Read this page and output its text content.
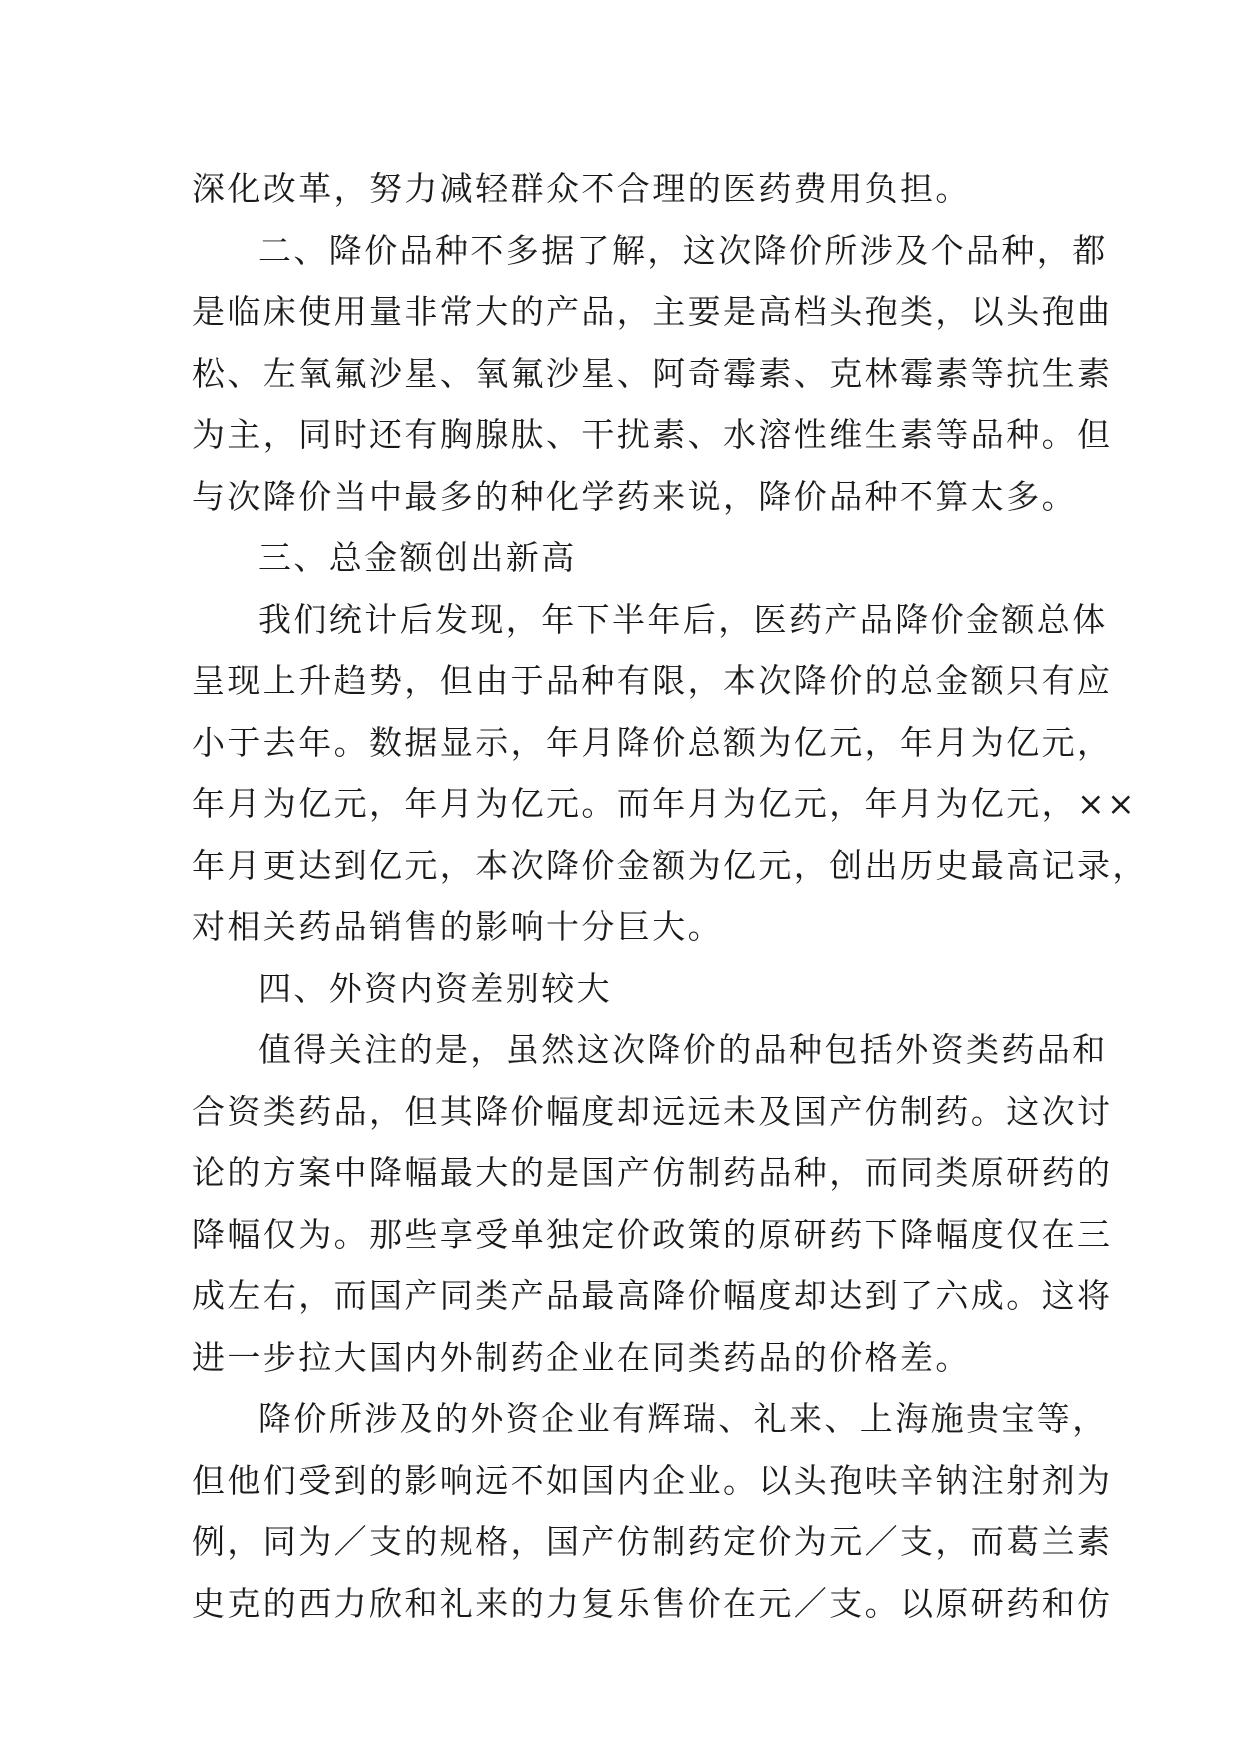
深化改革，努力减轻群众不合理的医药费用负担。
二、降价品种不多据了解，这次降价所涉及个品种，都
是临床使用量非常大的产品，主要是高档头孢类，以头孢曲
松、左氧氟沙星、氧氟沙星、阿奇霉素、克林霉素等抗生素
为主，同时还有胸腺肽、干扰素、水溶性维生素等品种。但
与次降价当中最多的种化学药来说，降价品种不算太多。
三、总金额创出新高
我们统计后发现，年下半年后，医药产品降价金额总体
呈现上升趋势，但由于品种有限，本次降价的总金额只有应
小于去年。数据显示，年月降价总额为亿元，年月为亿元，
年月为亿元，年月为亿元。而年月为亿元，年月为亿元，××
年月更达到亿元，本次降价金额为亿元，创出历史最高记录，
对相关药品销售的影响十分巨大。
四、外资内资差别较大
值得关注的是，虽然这次降价的品种包括外资类药品和
合资类药品，但其降价幅度却远远未及国产仿制药。这次讨
论的方案中降幅最大的是国产仿制药品种，而同类原研药的
降幅仅为。那些享受单独定价政策的原研药下降幅度仅在三
成左右，而国产同类产品最高降价幅度却达到了六成。这将
进一步拉大国内外制药企业在同类药品的价格差。
降价所涉及的外资企业有辉瑞、礼来、上海施贵宝等，
但他们受到的影响远不如国内企业。以头孢呋辛钠注射剂为
例，同为／支的规格，国产仿制药定价为元／支，而葛兰素
史克的西力欣和礼来的力复乐售价在元／支。以原研药和仿
